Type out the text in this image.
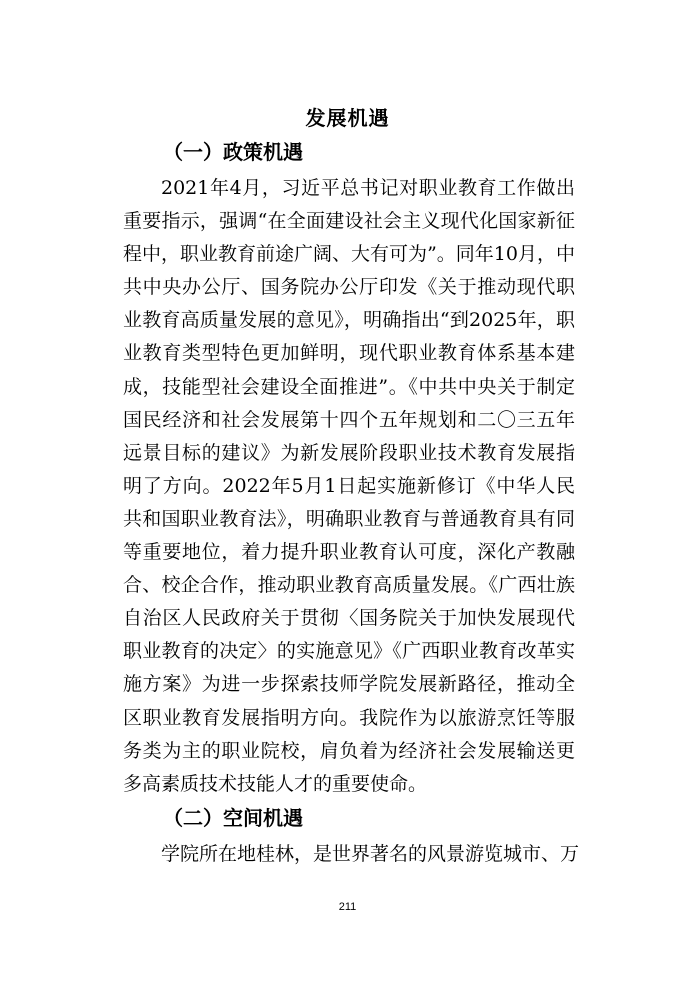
发展机遇
（一）政策机遇

2021年4月，习近平总书记对职业教育工作做出重要指示，强调“在全面建设社会主义现代化国家新征程中，职业教育前途广阔、大有可为”。同年10月，中共中央办公厅、国务院办公厅印发《关于推动现代职业教育高质量发展的意见》，明确指出“到2025年，职业教育类型特色更加鲜明，现代职业教育体系基本建成，技能型社会建设全面推进”。《中共中央关于制定国民经济和社会发展第十四个五年规划和二〇三五年远景目标的建议》为新发展阶段职业技术教育发展指明了方向。2022年5月1日起实施新修订《中华人民共和国职业教育法》，明确职业教育与普通教育具有同等重要地位，着力提升职业教育认可度，深化产教融合、校企合作，推动职业教育高质量发展。《广西壮族自治区人民政府关于贯彻〈国务院关于加快发展现代职业教育的决定〉的实施意见》《广西职业教育改革实施方案》为进一步探索技师学院发展新路径，推动全区职业教育发展指明方向。我院作为以旅游烹饪等服务类为主的职业院校，肩负着为经济社会发展输送更多高素质技术技能人才的重要使命。

（二）空间机遇

学院所在地桂林，是世界著名的风景游览城市、万

211
